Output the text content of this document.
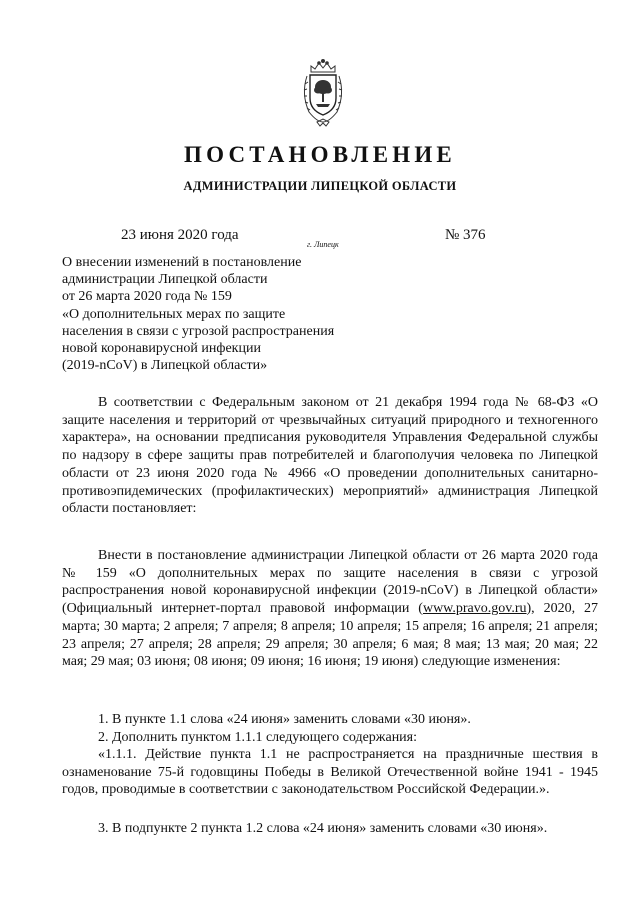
ПОСТАНОВЛЕНИЕ
АДМИНИСТРАЦИИ ЛИПЕЦКОЙ ОБЛАСТИ
23 июня 2020 года
г. Липецк
№ 376
О внесении изменений в постановление
администрации Липецкой области
от 26 марта 2020 года № 159
«О дополнительных мерах по защите
населения в связи с угрозой распространения
новой коронавирусной инфекции
(2019-nCoV) в Липецкой области»

В соответствии с Федеральным законом от 21 декабря 1994 года № 68-ФЗ «О защите населения и территорий от чрезвычайных ситуаций природного и техногенного характера», на основании предписания руководителя Управления Федеральной службы по надзору в сфере защиты прав потребителей и благополучия человека по Липецкой области от 23 июня 2020 года № 4966 «О проведении дополнительных санитарно-противоэпидемических (профилактических) мероприятий» администрация Липецкой области постановляет:

Внести в постановление администрации Липецкой области от 26 марта 2020 года № 159 «О дополнительных мерах по защите населения в связи с угрозой распространения новой коронавирусной инфекции (2019-nCoV) в Липецкой области» (Официальный интернет-портал правовой информации (www.pravo.gov.ru), 2020, 27 марта; 30 марта; 2 апреля; 7 апреля; 8 апреля; 10 апреля; 15 апреля; 16 апреля; 21 апреля; 23 апреля; 27 апреля; 28 апреля; 29 апреля; 30 апреля; 6 мая; 8 мая; 13 мая; 20 мая; 22 мая; 29 мая; 03 июня; 08 июня; 09 июня; 16 июня; 19 июня) следующие изменения:

1. В пункте 1.1 слова «24 июня» заменить словами «30 июня».

2. Дополнить пунктом 1.1.1 следующего содержания:

«1.1.1. Действие пункта 1.1 не распространяется на праздничные шествия в ознаменование 75-й годовщины Победы в Великой Отечественной войне 1941 - 1945 годов, проводимые в соответствии с законодательством Российской Федерации.».

3. В подпункте 2 пункта 1.2 слова «24 июня» заменить словами «30 июня».
